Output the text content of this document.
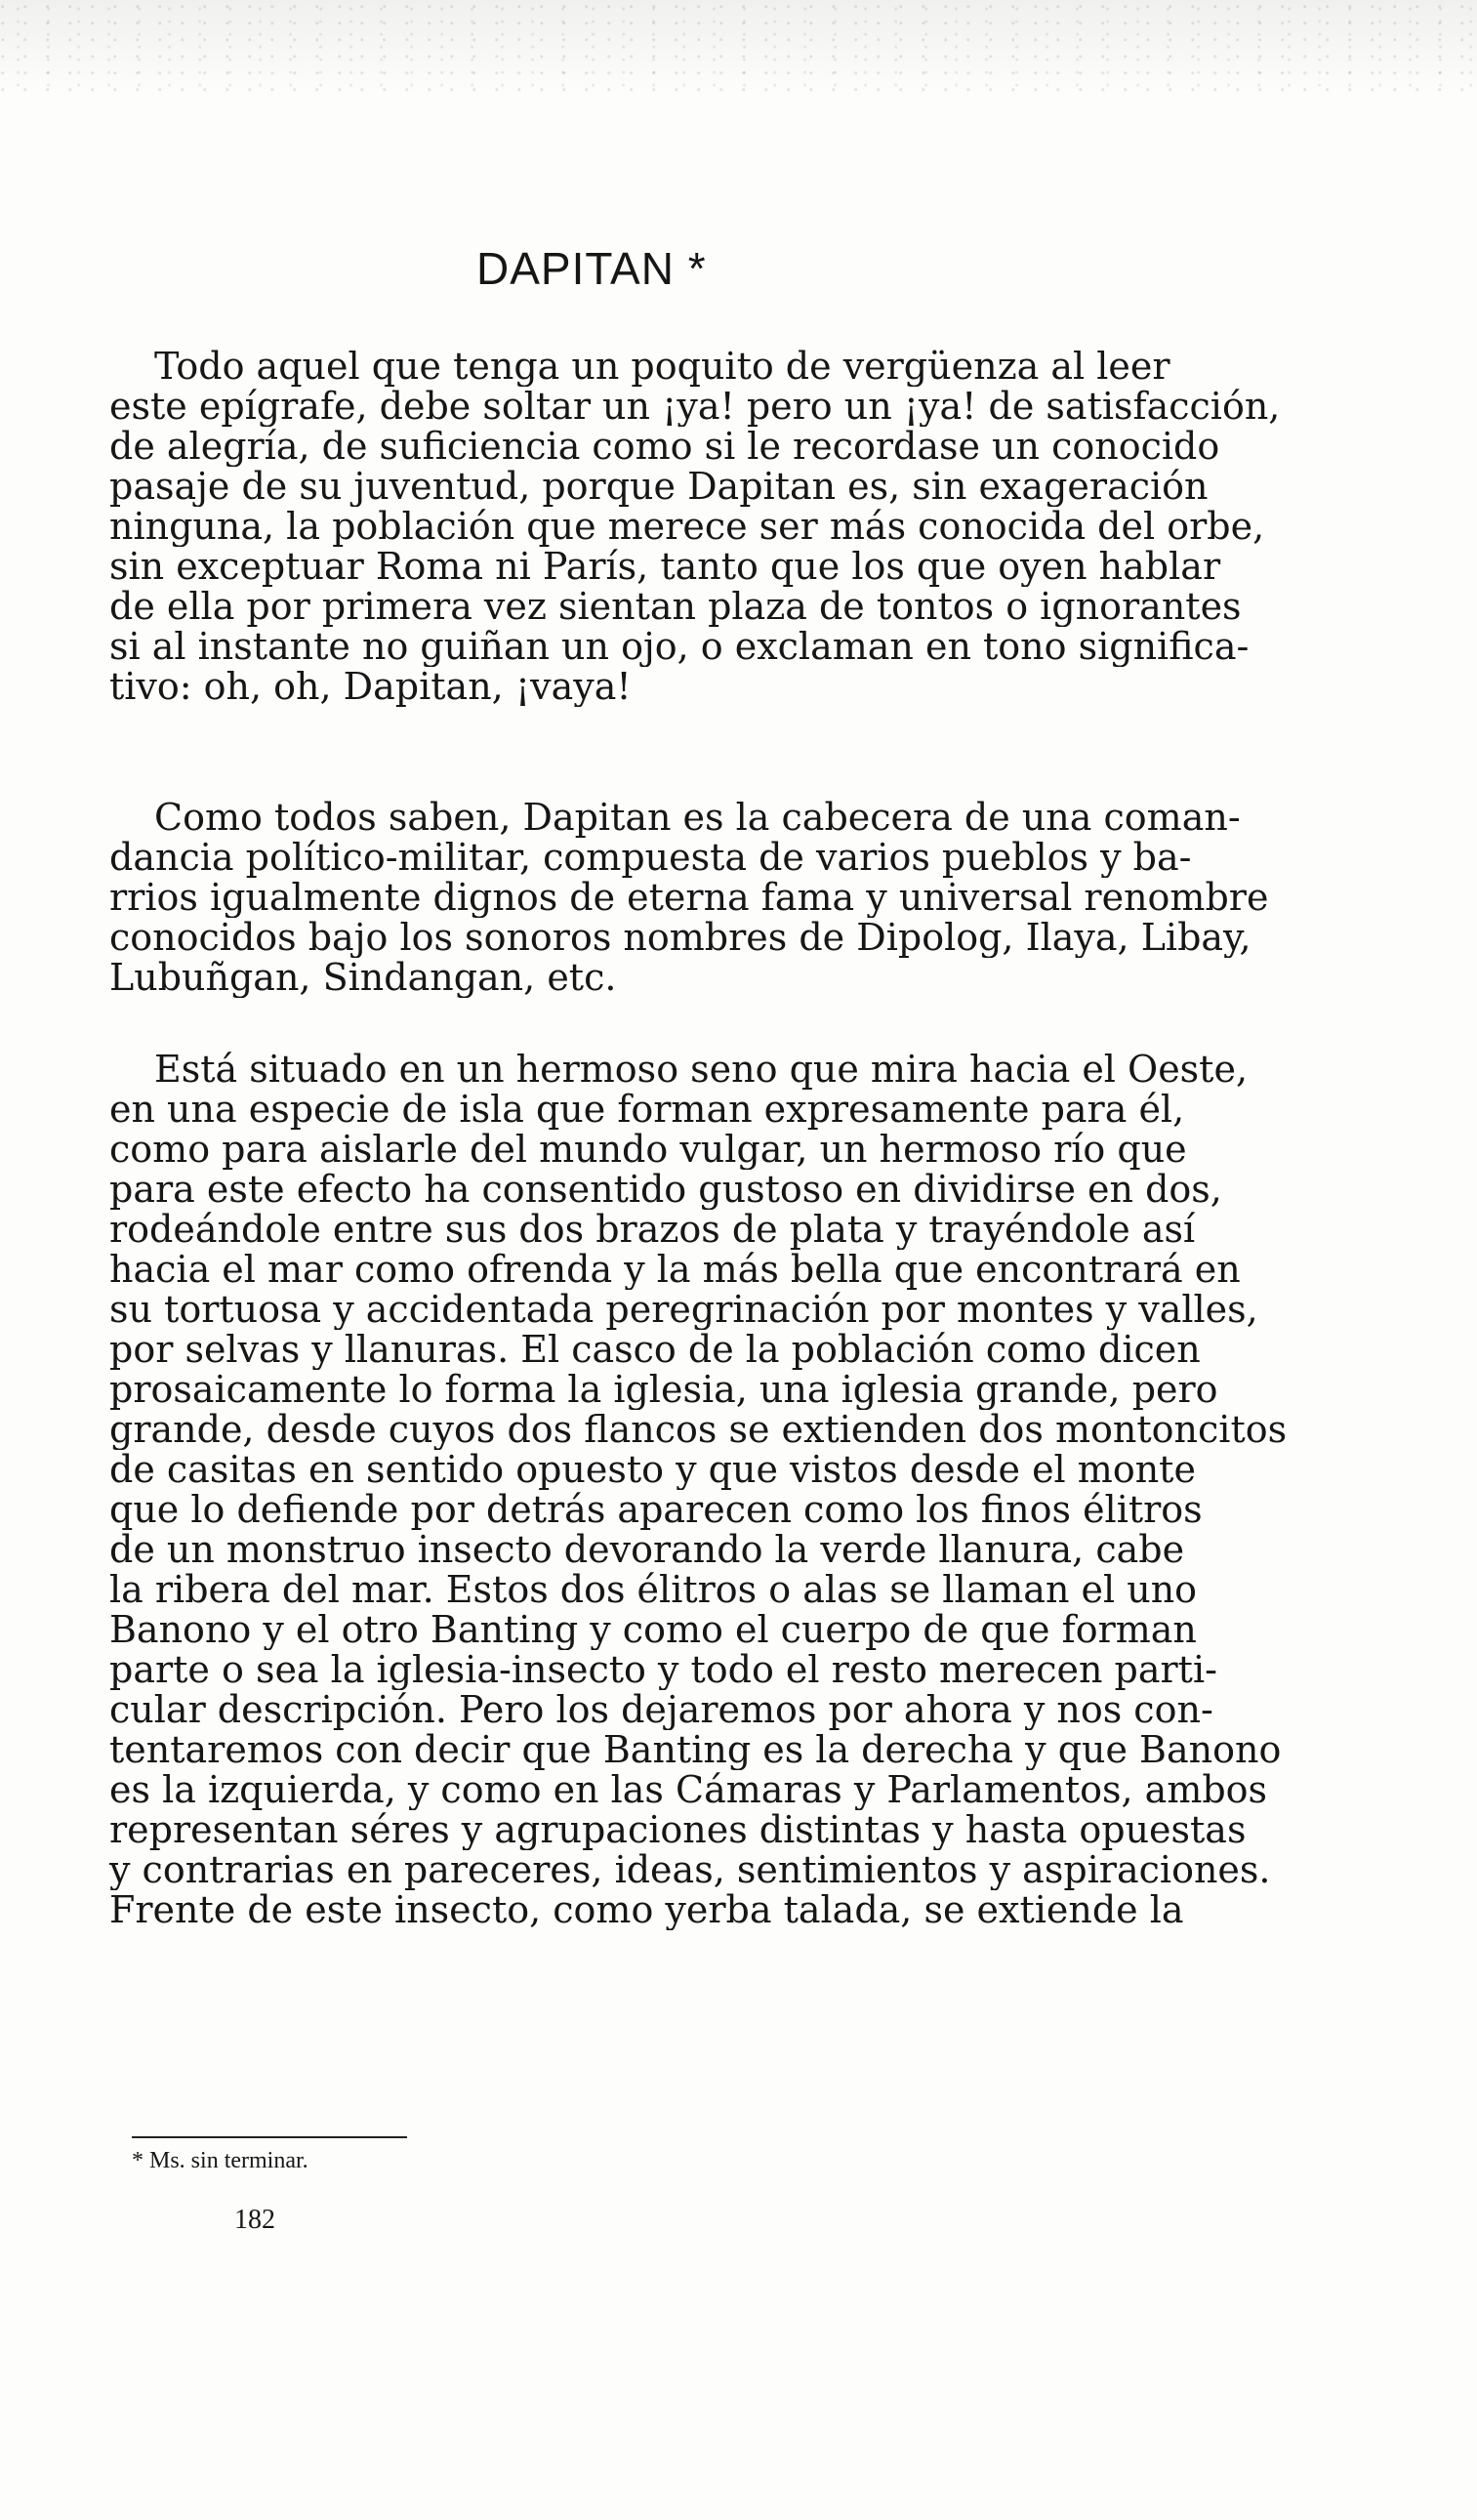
DAPITAN *

Todo aquel que tenga un poquito de vergüenza al leer
este epígrafe, debe soltar un ¡ya! pero un ¡ya! de satisfacción,
de alegría, de suficiencia como si le recordase un conocido
pasaje de su juventud, porque Dapitan es, sin exageración
ninguna, la población que merece ser más conocida del orbe,
sin exceptuar Roma ni París, tanto que los que oyen hablar
de ella por primera vez sientan plaza de tontos o ignorantes
si al instante no guiñan un ojo, o exclaman en tono significa-
tivo: oh, oh, Dapitan, ¡vaya!

Como todos saben, Dapitan es la cabecera de una coman-
dancia político-militar, compuesta de varios pueblos y ba-
rrios igualmente dignos de eterna fama y universal renombre
conocidos bajo los sonoros nombres de Dipolog, Ilaya, Libay,
Lubuñgan, Sindangan, etc.

Está situado en un hermoso seno que mira hacia el Oeste,
en una especie de isla que forman expresamente para él,
como para aislarle del mundo vulgar, un hermoso río que
para este efecto ha consentido gustoso en dividirse en dos,
rodeándole entre sus dos brazos de plata y trayéndole así
hacia el mar como ofrenda y la más bella que encontrará en
su tortuosa y accidentada peregrinación por montes y valles,
por selvas y llanuras. El casco de la población como dicen
prosaicamente lo forma la iglesia, una iglesia grande, pero
grande, desde cuyos dos flancos se extienden dos montoncitos
de casitas en sentido opuesto y que vistos desde el monte
que lo defiende por detrás aparecen como los finos élitros
de un monstruo insecto devorando la verde llanura, cabe
la ribera del mar. Estos dos élitros o alas se llaman el uno
Banono y el otro Banting y como el cuerpo de que forman
parte o sea la iglesia-insecto y todo el resto merecen parti-
cular descripción. Pero los dejaremos por ahora y nos con-
tentaremos con decir que Banting es la derecha y que Banono
es la izquierda, y como en las Cámaras y Parlamentos, ambos
representan séres y agrupaciones distintas y hasta opuestas
y contrarias en pareceres, ideas, sentimientos y aspiraciones.
Frente de este insecto, como yerba talada, se extiende la

* Ms. sin terminar.

182
